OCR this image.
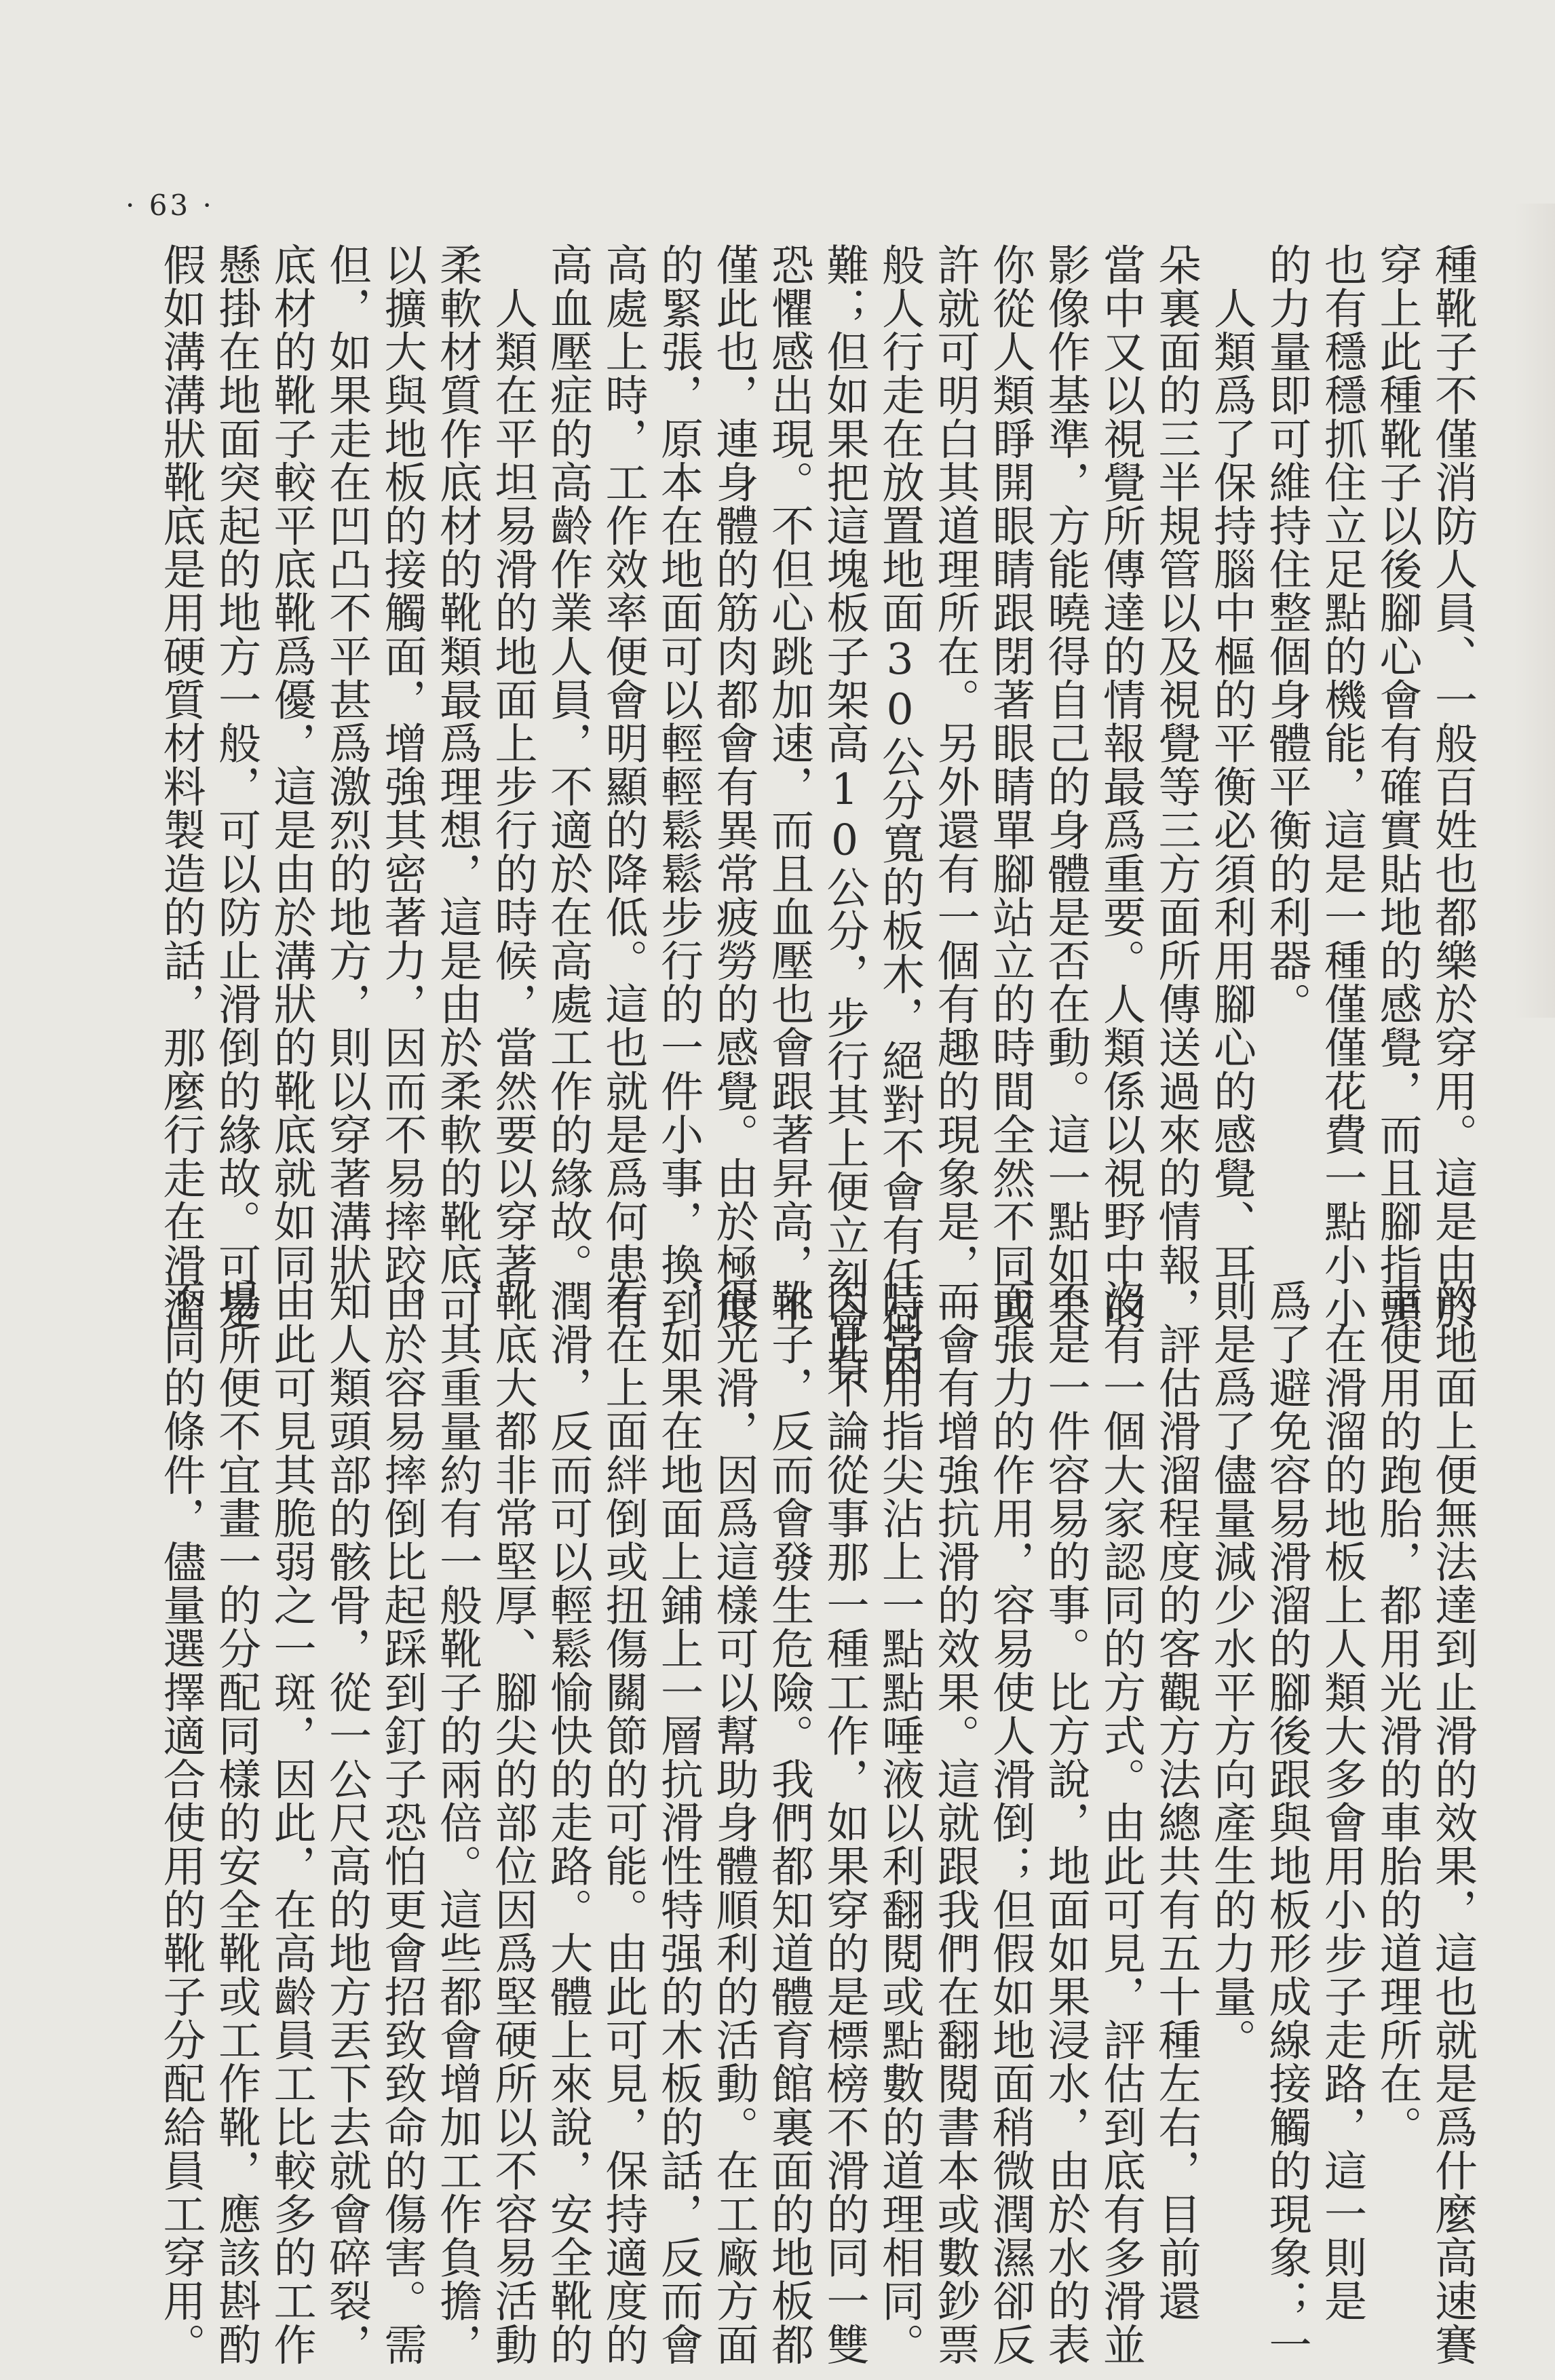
· 63 ·
種靴子不僅消防人員、一般百姓也都樂於穿用。這是由於
穿上此種靴子以後腳心會有確實貼地的感覺，而且腳指頭
也有穩穩抓住立足點的機能，這是一種僅僅花費一點小小
的力量即可維持住整個身體平衡的利器。
　人類爲了保持腦中樞的平衡必須利用腳心的感覺、耳
朵裏面的三半規管以及視覺等三方面所傳送過來的情報，
當中又以視覺所傳達的情報最爲重要。人類係以視野中的
影像作基準，方能曉得自己的身體是否在動。這一點如果
你從人類睜開眼睛跟閉著眼睛單腳站立的時間全然不同或
許就可明白其道理所在。另外還有一個有趣的現象是，一
般人行走在放置地面30公分寬的板木，絕對不會有任何困
難；但如果把這塊板子架高10公分，步行其上便立刻會有
恐懼感出現。不但心跳加速，而且血壓也會跟著昇高，不
僅此也，連身體的筋肉都會有異常疲勞的感覺。由於極度
的緊張，原本在地面可以輕輕鬆鬆步行的一件小事，換到
高處上時，工作效率便會明顯的降低。這也就是爲何患有
高血壓症的高齡作業人員，不適於在高處工作的緣故。
　人類在平坦易滑的地面上步行的時候，當然要以穿著
柔軟材質作底材的靴類最爲理想，這是由於柔軟的靴底可
以擴大與地板的接觸面，增強其密著力，因而不易摔跤。
但，如果走在凹凸不平甚爲激烈的地方，則以穿著溝狀
底材的靴子較平底靴爲優，這是由於溝狀的靴底就如同
懸掛在地面突起的地方一般，可以防止滑倒的緣故。可是
假如溝溝狀靴底是用硬質材料製造的話，那麼行走在滑溜
的地面上便無法達到止滑的效果，這也就是爲什麼高速賽
車使用的跑胎，都用光滑的車胎的道理所在。
　在滑溜的地板上人類大多會用小步子走路，這一則是
爲了避免容易滑溜的腳後跟與地板形成線接觸的現象；一
則是爲了儘量減少水平方向產生的力量。
　評估滑溜程度的客觀方法總共有五十種左右，目前還
沒有一個大家認同的方式。由此可見，評估到底有多滑並
不是一件容易的事。比方說，地面如果浸水，由於水的表
面張力的作用，容易使人滑倒；但假如地面稍微潤濕卻反
而會有增強抗滑的效果。這就跟我們在翻閱書本或數鈔票
時常用指尖沾上一點點唾液以利翻閱或點數的道理相同。
因此不論從事那一種工作，如果穿的是標榜不滑的同一雙
靴子，反而會發生危險。我們都知道體育館裏面的地板都
很光滑，因爲這樣可以幫助身體順利的活動。在工廠方面
，如果在地面上鋪上一層抗滑性特强的木板的話，反而會
有在上面絆倒或扭傷關節的可能。由此可見，保持適度的
潤滑，反而可以輕鬆愉快的走路。大體上來說，安全靴的
靴底大都非常堅厚、腳尖的部位因爲堅硬所以不容易活動
，其重量約有一般靴子的兩倍。這些都會增加工作負擔，
由於容易摔倒比起踩到釘子恐怕更會招致致命的傷害。需
知人類頭部的骸骨，從一公尺高的地方丟下去就會碎裂，
由此可見其脆弱之一斑，因此，在高齡員工比較多的工作
場所便不宜畫一的分配同樣的安全靴或工作靴，應該斟酌
不同的條件，儘量選擇適合使用的靴子分配給員工穿用。
